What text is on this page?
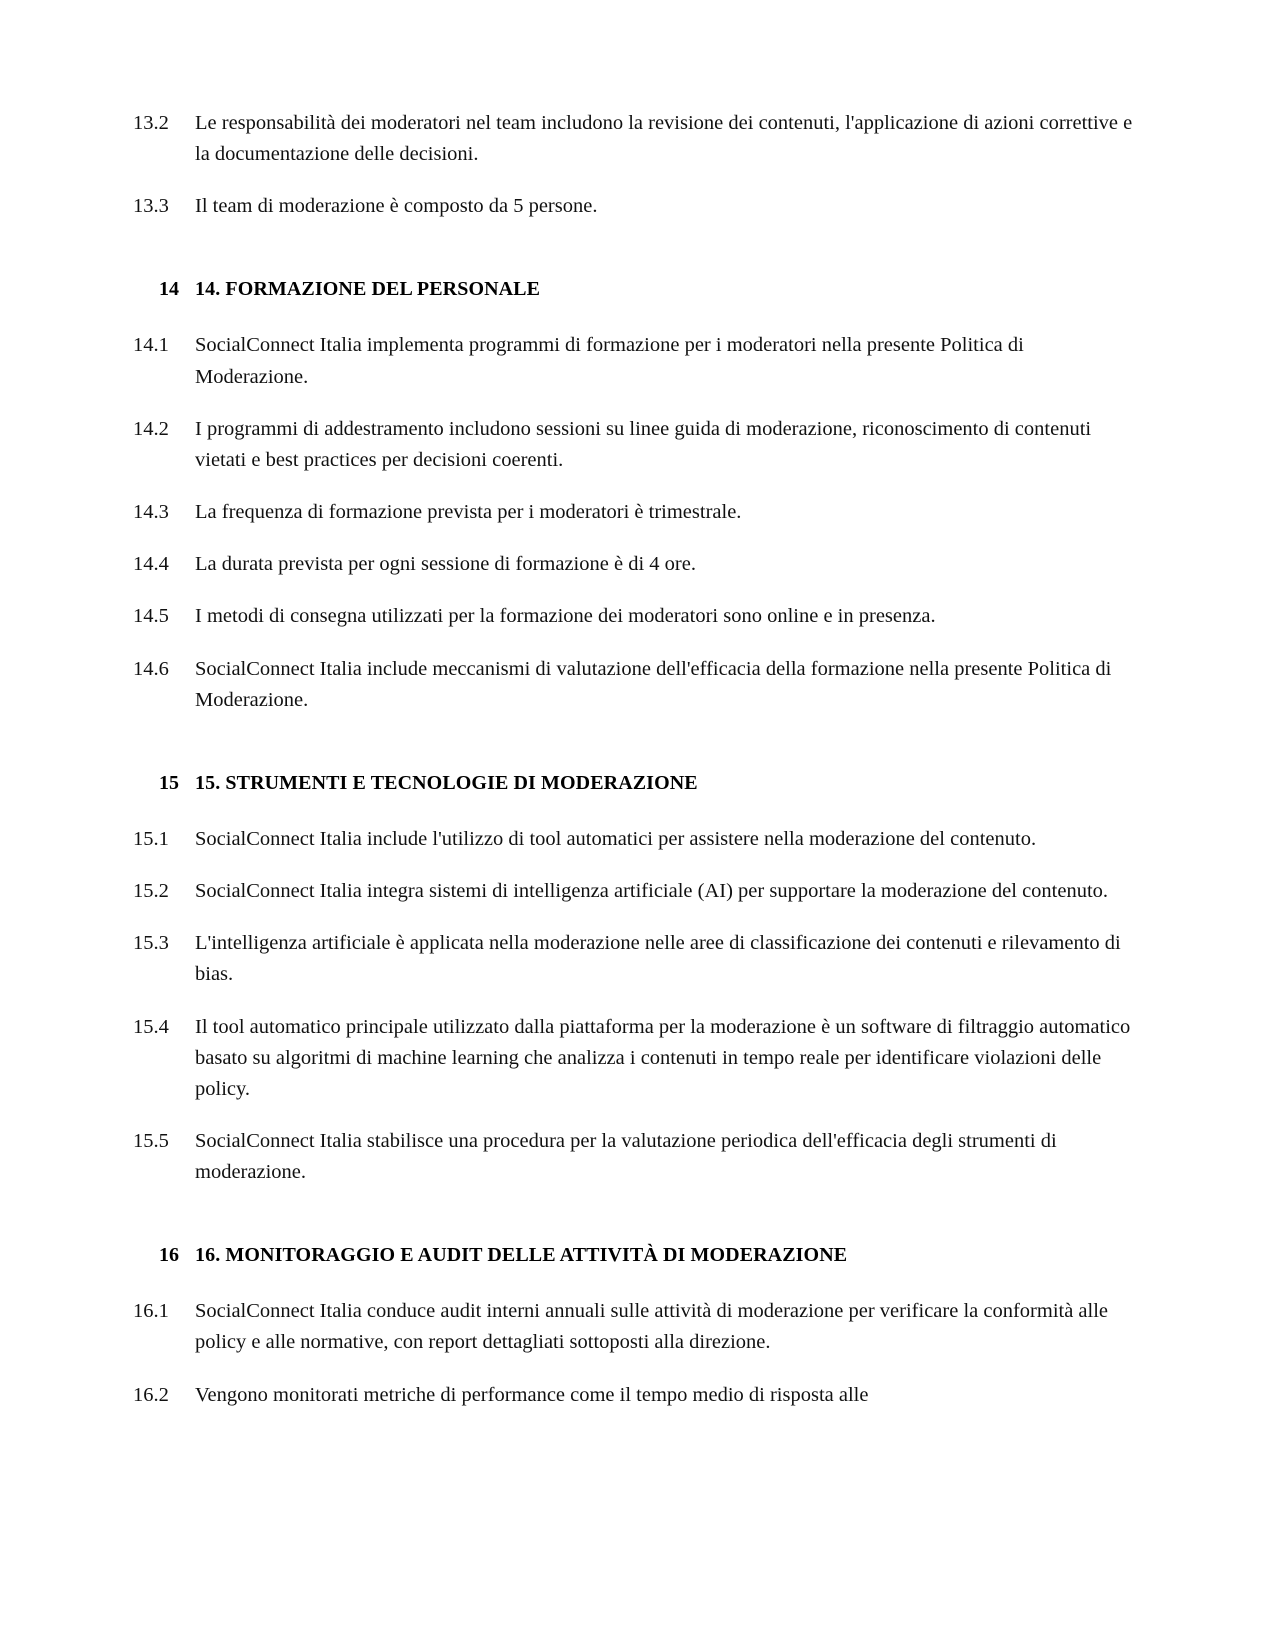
13.2	Le responsabilità dei moderatori nel team includono la revisione dei contenuti, l'applicazione di azioni correttive e la documentazione delle decisioni.
13.3	Il team di moderazione è composto da 5 persone.
14 14. FORMAZIONE DEL PERSONALE
14.1	SocialConnect Italia implementa programmi di formazione per i moderatori nella presente Politica di Moderazione.
14.2	I programmi di addestramento includono sessioni su linee guida di moderazione, riconoscimento di contenuti vietati e best practices per decisioni coerenti.
14.3	La frequenza di formazione prevista per i moderatori è trimestrale.
14.4	La durata prevista per ogni sessione di formazione è di 4 ore.
14.5	I metodi di consegna utilizzati per la formazione dei moderatori sono online e in presenza.
14.6	SocialConnect Italia include meccanismi di valutazione dell'efficacia della formazione nella presente Politica di Moderazione.
15 15. STRUMENTI E TECNOLOGIE DI MODERAZIONE
15.1	SocialConnect Italia include l'utilizzo di tool automatici per assistere nella moderazione del contenuto.
15.2	SocialConnect Italia integra sistemi di intelligenza artificiale (AI) per supportare la moderazione del contenuto.
15.3	L'intelligenza artificiale è applicata nella moderazione nelle aree di classificazione dei contenuti e rilevamento di bias.
15.4	Il tool automatico principale utilizzato dalla piattaforma per la moderazione è un software di filtraggio automatico basato su algoritmi di machine learning che analizza i contenuti in tempo reale per identificare violazioni delle policy.
15.5	SocialConnect Italia stabilisce una procedura per la valutazione periodica dell'efficacia degli strumenti di moderazione.
16 16. MONITORAGGIO E AUDIT DELLE ATTIVITÀ DI MODERAZIONE
16.1	SocialConnect Italia conduce audit interni annuali sulle attività di moderazione per verificare la conformità alle policy e alle normative, con report dettagliati sottoposti alla direzione.
16.2	Vengono monitorati metriche di performance come il tempo medio di risposta alle
